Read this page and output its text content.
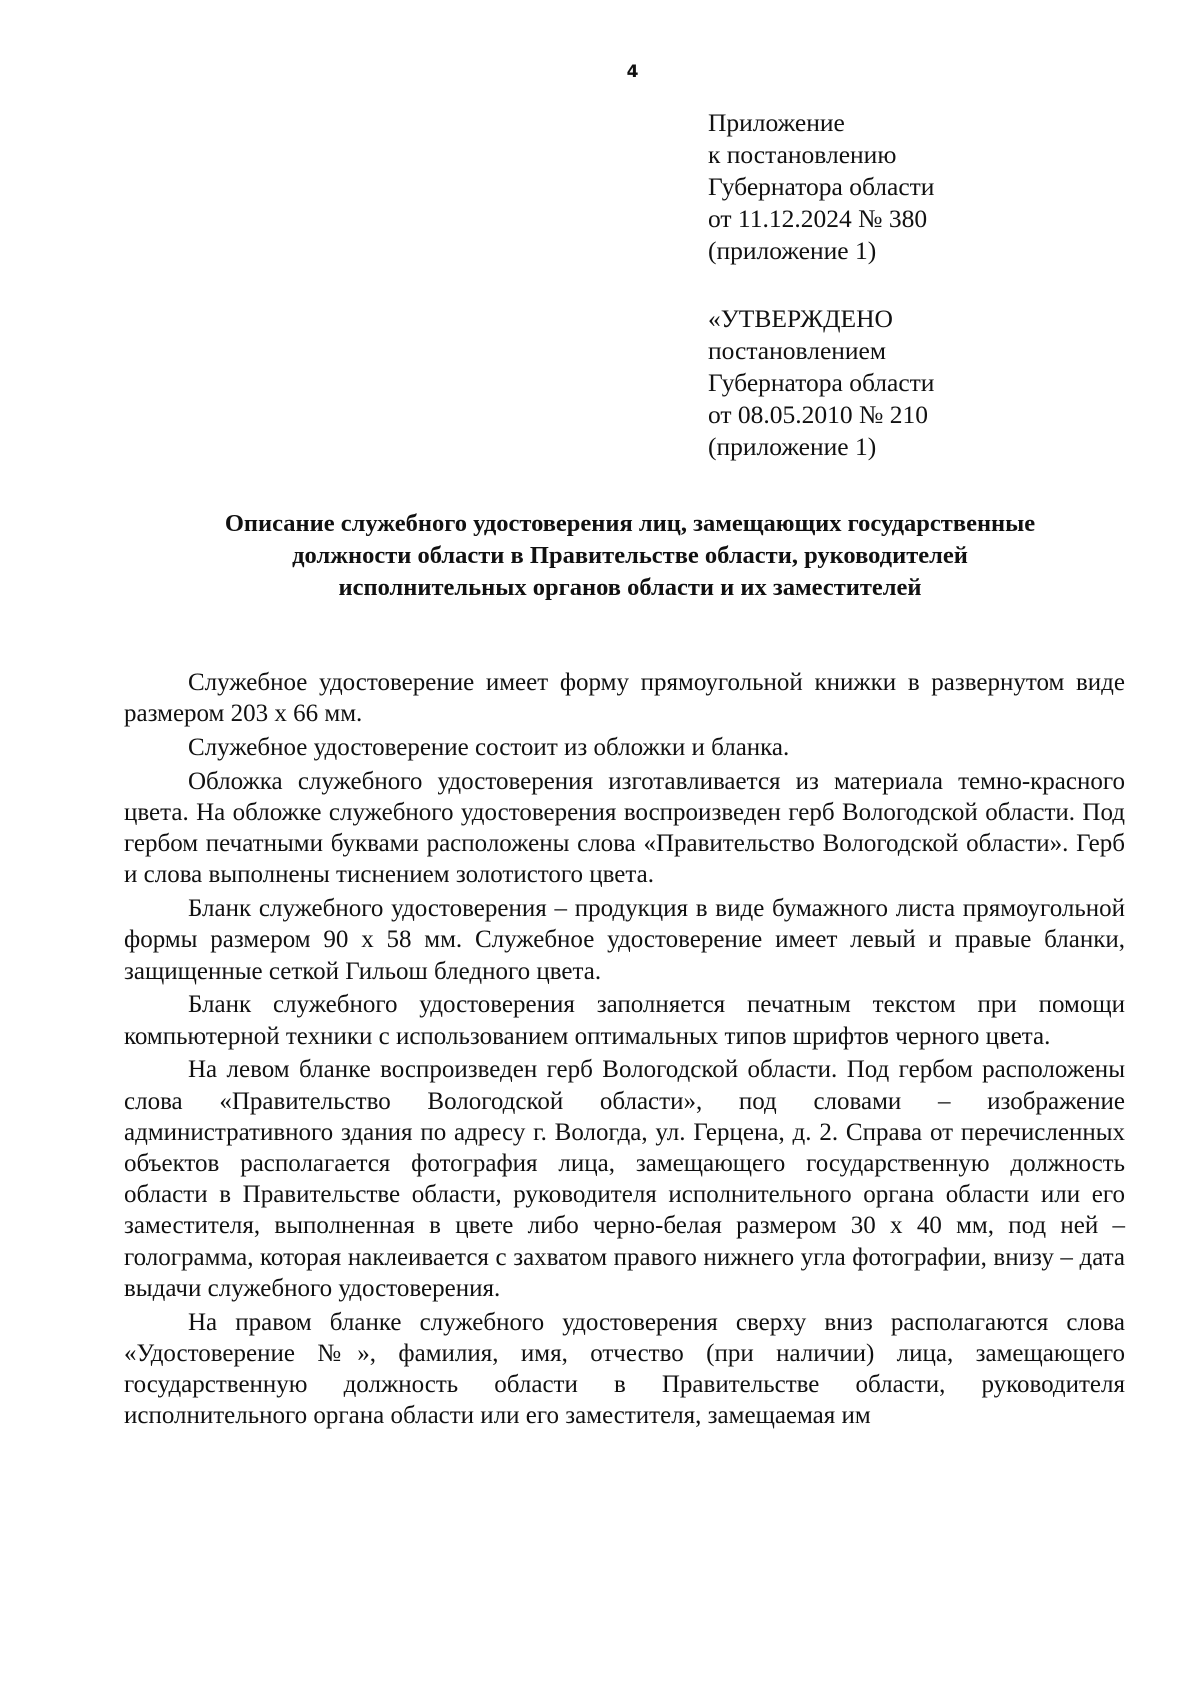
4
Приложение
к постановлению
Губернатора области
от 11.12.2024 № 380
(приложение 1)
«УТВЕРЖДЕНО
постановлением
Губернатора области
от 08.05.2010 № 210
(приложение 1)
Описание служебного удостоверения лиц, замещающих государственные
должности области в Правительстве области, руководителей
исполнительных органов области и их заместителей

Служебное удостоверение имеет форму прямоугольной книжки в развернутом виде размером 203 х 66 мм.

Служебное удостоверение состоит из обложки и бланка.

Обложка служебного удостоверения изготавливается из материала темно-красного цвета. На обложке служебного удостоверения воспроизведен герб Вологодской области. Под гербом печатными буквами расположены слова «Правительство Вологодской области». Герб и слова выполнены тиснением золотистого цвета.

Бланк служебного удостоверения – продукция в виде бумажного листа прямоугольной формы размером 90 х 58 мм. Служебное удостоверение имеет левый и правые бланки, защищенные сеткой Гильош бледного цвета.

Бланк служебного удостоверения заполняется печатным текстом при помощи компьютерной техники с использованием оптимальных типов шрифтов черного цвета.

На левом бланке воспроизведен герб Вологодской области. Под гербом расположены слова «Правительство Вологодской области», под словами – изображение административного здания по адресу г. Вологда, ул. Герцена, д. 2. Справа от перечисленных объектов располагается фотография лица, замещающего государственную должность области в Правительстве области, руководителя исполнительного органа области или его заместителя, выполненная в цвете либо черно-белая размером 30 х 40 мм, под ней – голограмма, которая наклеивается с захватом правого нижнего угла фотографии, внизу – дата выдачи служебного удостоверения.

На правом бланке служебного удостоверения сверху вниз располагаются слова «Удостоверение №», фамилия, имя, отчество (при наличии) лица, замещающего государственную должность области в Правительстве области, руководителя исполнительного органа области или его заместителя, замещаемая им
